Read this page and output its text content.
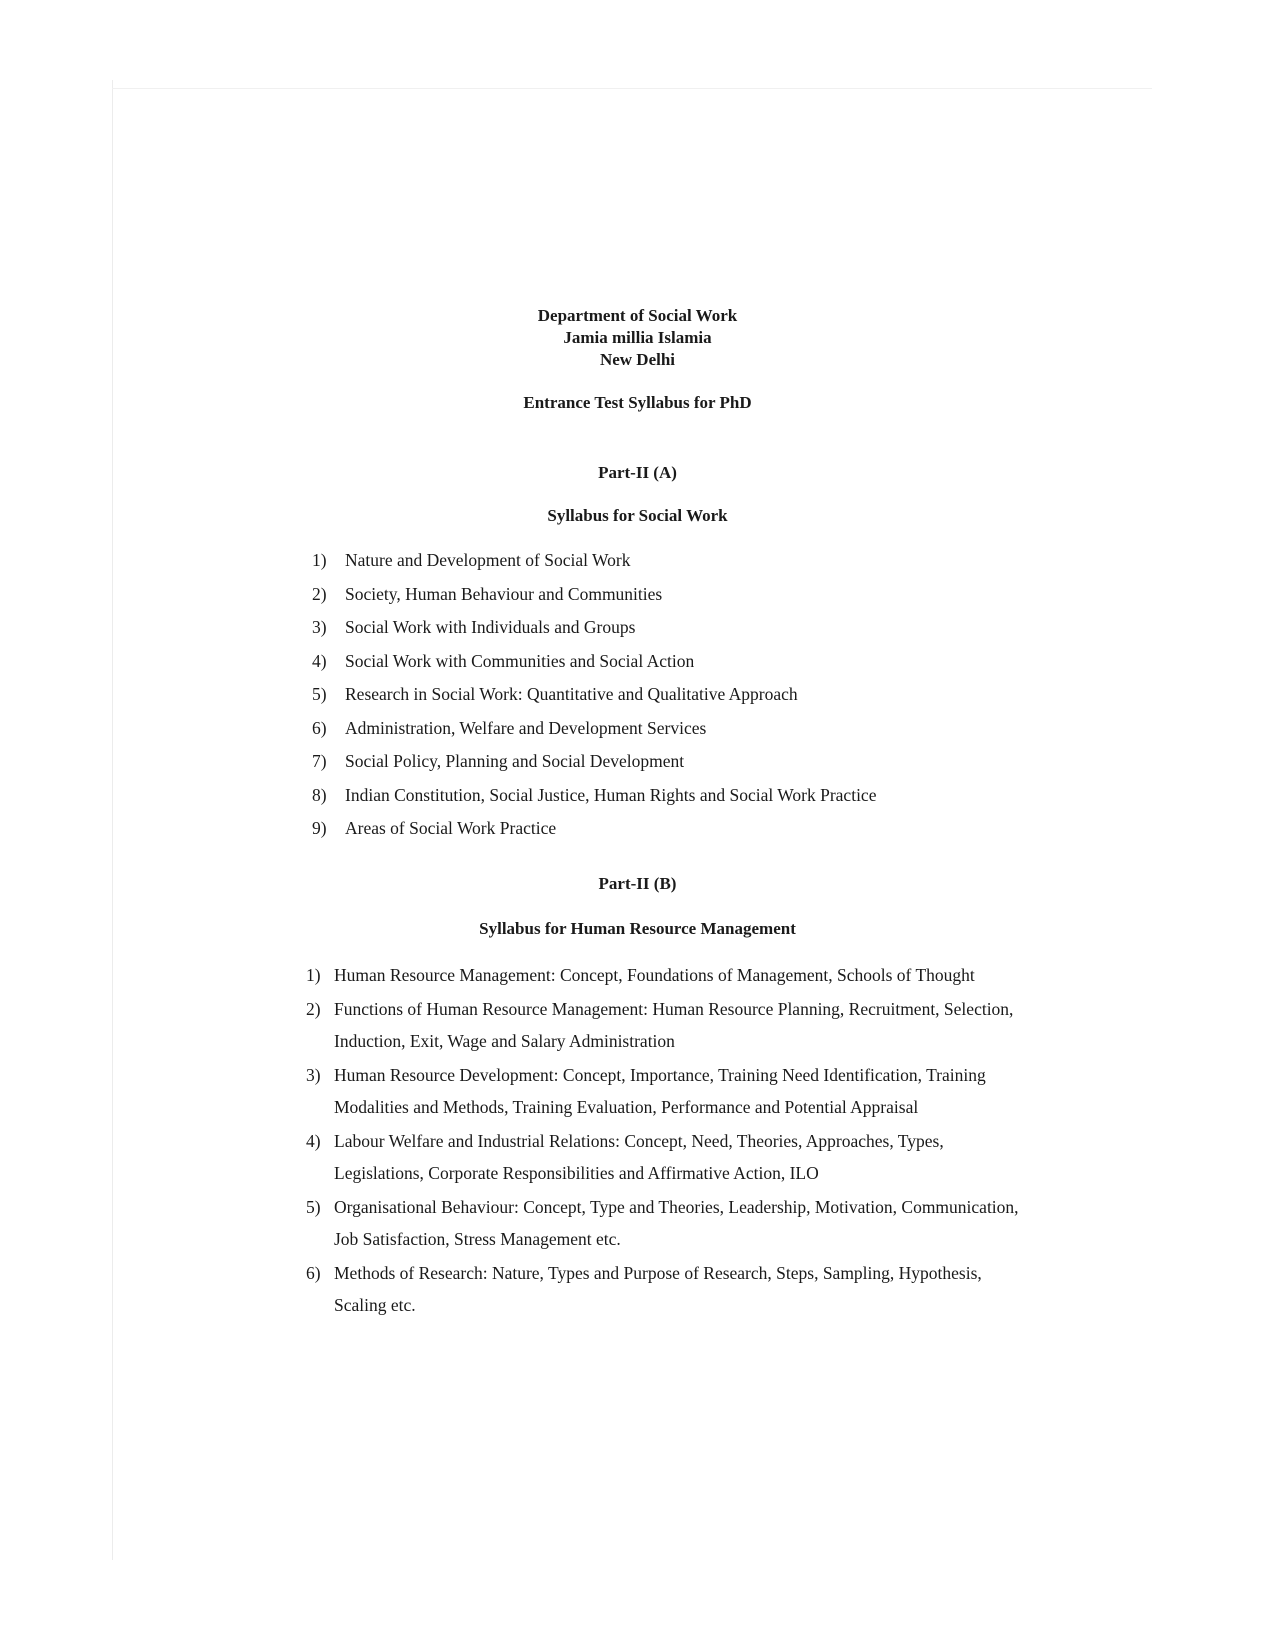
Department of Social Work
Jamia millia Islamia
New Delhi
Entrance Test Syllabus for PhD
Part-II (A)
Syllabus for Social Work
1)	Nature and Development of Social Work
2)	Society, Human Behaviour and Communities
3)	Social Work with Individuals and Groups
4)	Social Work with Communities and Social Action
5)	Research in Social Work: Quantitative and Qualitative Approach
6)	Administration, Welfare and Development Services
7)	Social Policy, Planning and Social Development
8)	Indian Constitution, Social Justice, Human Rights and Social Work Practice
9)	Areas of Social Work Practice
Part-II (B)
Syllabus for Human Resource Management
1) Human Resource Management: Concept, Foundations of Management, Schools of Thought
2) Functions of Human Resource Management: Human Resource Planning, Recruitment, Selection, Induction, Exit, Wage and Salary Administration
3) Human Resource Development: Concept, Importance, Training Need Identification, Training Modalities and Methods, Training Evaluation, Performance and Potential Appraisal
4) Labour Welfare and Industrial Relations: Concept, Need, Theories, Approaches, Types, Legislations, Corporate Responsibilities and Affirmative Action, ILO
5) Organisational Behaviour: Concept, Type and Theories, Leadership, Motivation, Communication, Job Satisfaction, Stress Management etc.
6) Methods of Research: Nature, Types and Purpose of Research, Steps, Sampling, Hypothesis, Scaling etc.
